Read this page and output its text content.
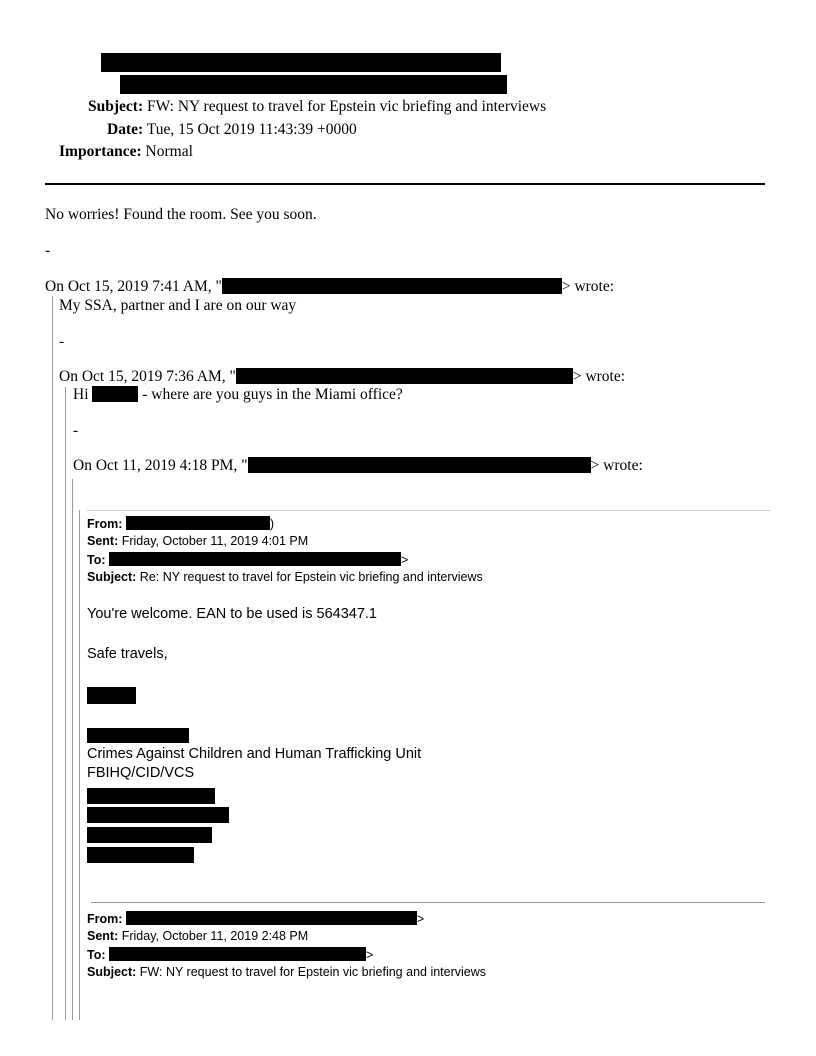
Subject: FW: NY request to travel for Epstein vic briefing and interviews
Date: Tue, 15 Oct 2019 11:43:39 +0000
Importance: Normal
No worries! Found the room. See you soon.
-
On Oct 15, 2019 7:41 AM, "	> wrote:
My SSA, partner and I are on our way
-
On Oct 15, 2019 7:36 AM, "	> wrote:
Hi	- where are you guys in the Miami office?
-
On Oct 11, 2019 4:18 PM, "	> wrote:
From:	)
Sent: Friday, October 11, 2019 4:01 PM
To:	>
Subject: Re: NY request to travel for Epstein vic briefing and interviews
You're welcome. EAN to be used is 564347.1
Safe travels,
Crimes Against Children and Human Trafficking Unit
FBIHQ/CID/VCS
From:	>
Sent: Friday, October 11, 2019 2:48 PM
To:	>
Subject: FW: NY request to travel for Epstein vic briefing and interviews
